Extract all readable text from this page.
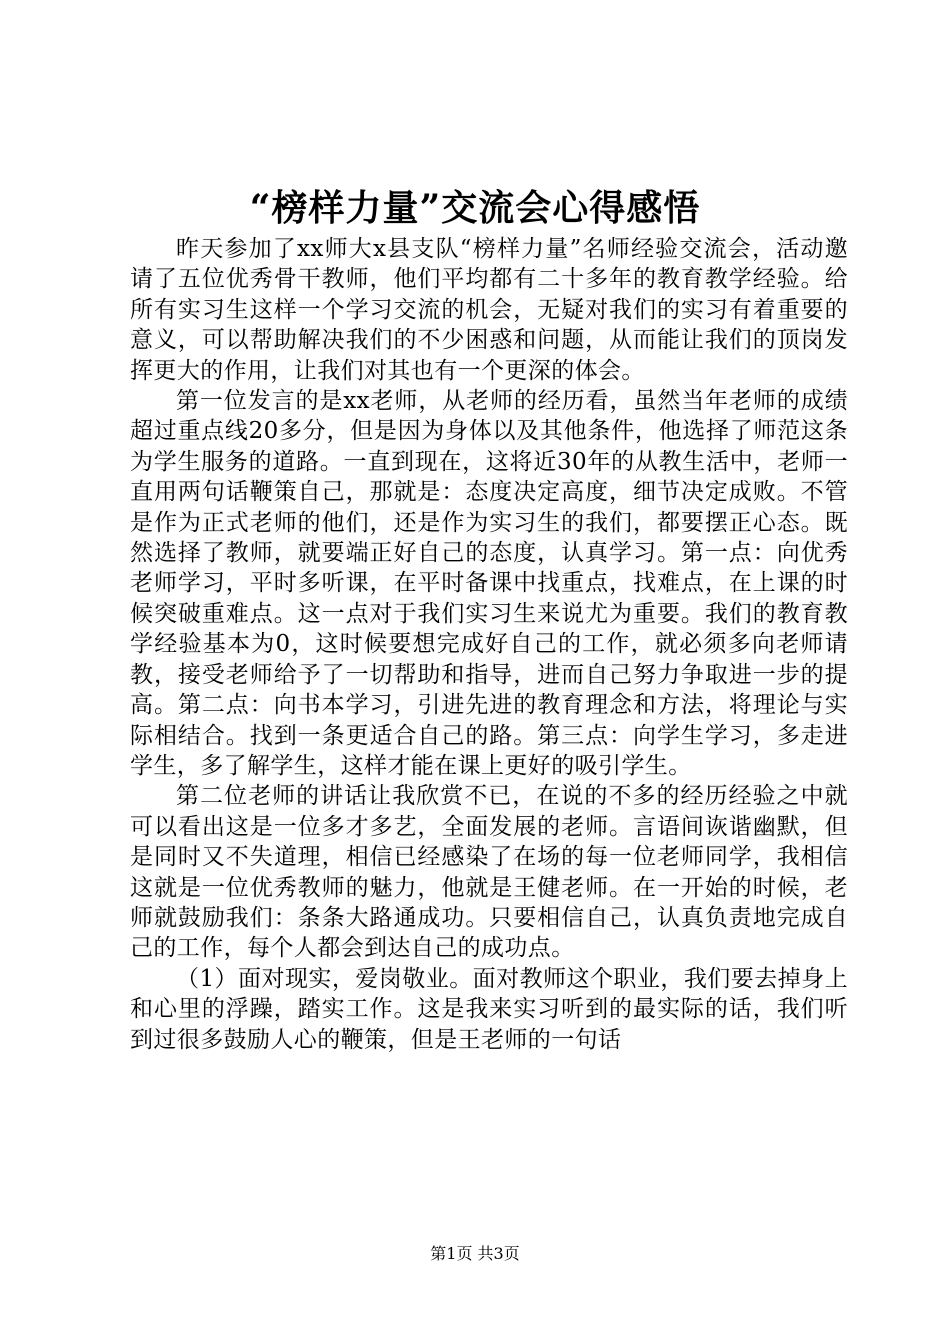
“榜样力量”交流会心得感悟

昨天参加了xx师大x县支队“榜样力量”名师经验交流会，活动邀请了五位优秀骨干教师，他们平均都有二十多年的教育教学经验。给所有实习生这样一个学习交流的机会，无疑对我们的实习有着重要的意义，可以帮助解决我们的不少困惑和问题，从而能让我们的顶岗发挥更大的作用，让我们对其也有一个更深的体会。

第一位发言的是xx老师，从老师的经历看，虽然当年老师的成绩超过重点线20多分，但是因为身体以及其他条件，他选择了师范这条为学生服务的道路。一直到现在，这将近30年的从教生活中，老师一直用两句话鞭策自己，那就是：态度决定高度，细节决定成败。不管是作为正式老师的他们，还是作为实习生的我们，都要摆正心态。既然选择了教师，就要端正好自己的态度，认真学习。第一点：向优秀老师学习，平时多听课，在平时备课中找重点，找难点，在上课的时候突破重难点。这一点对于我们实习生来说尤为重要。我们的教育教学经验基本为0，这时候要想完成好自己的工作，就必须多向老师请教，接受老师给予了一切帮助和指导，进而自己努力争取进一步的提高。第二点：向书本学习，引进先进的教育理念和方法，将理论与实际相结合。找到一条更适合自己的路。第三点：向学生学习，多走进学生，多了解学生，这样才能在课上更好的吸引学生。

第二位老师的讲话让我欣赏不已，在说的不多的经历经验之中就可以看出这是一位多才多艺，全面发展的老师。言语间诙谐幽默，但是同时又不失道理，相信已经感染了在场的每一位老师同学，我相信这就是一位优秀教师的魅力，他就是王健老师。在一开始的时候，老师就鼓励我们：条条大路通成功。只要相信自己，认真负责地完成自己的工作，每个人都会到达自己的成功点。

（1）面对现实，爱岗敬业。面对教师这个职业，我们要去掉身上和心里的浮躁，踏实工作。这是我来实习听到的最实际的话，我们听到过很多鼓励人心的鞭策，但是王老师的一句话

第1页 共3页
